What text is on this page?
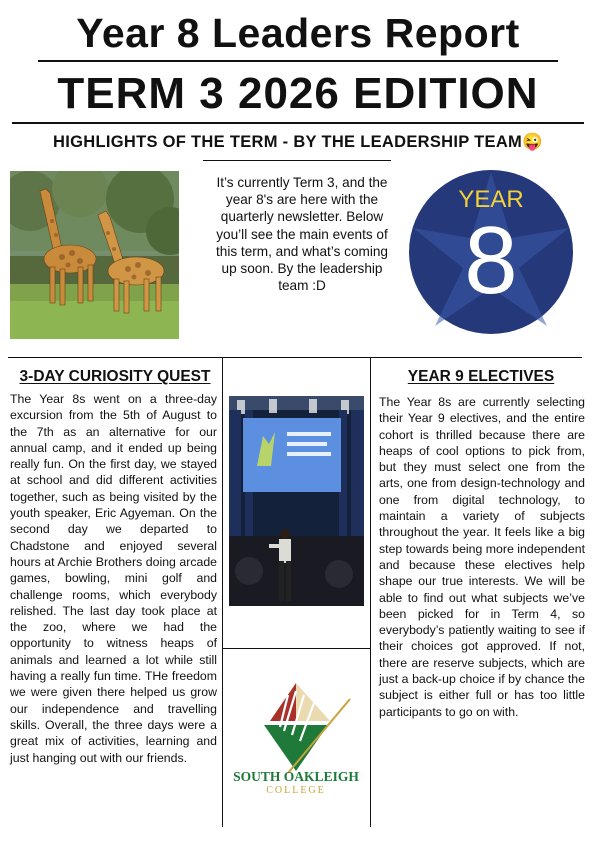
Year 8 Leaders Report
TERM 3 2026 EDITION
HIGHLIGHTS OF THE TERM - BY THE LEADERSHIP TEAM😜
It’s currently Term 3, and the year 8's are here with the quarterly newsletter. Below you’ll see the main events of this term, and what’s coming up soon. By the leadership team :D
YEAR
8
3-DAY CURIOSITY QUEST
The Year 8s went on a three-day excursion from the 5th of August to the 7th as an alternative for our annual camp, and it ended up being really fun. On the first day, we stayed at school and did different activities together, such as being visited by the youth speaker, Eric Agyeman. On the second day we departed to Chadstone and enjoyed several hours at Archie Brothers doing arcade games, bowling, mini golf and challenge rooms, which everybody relished. The last day took place at the zoo, where we had the opportunity to witness heaps of animals and learned a lot while still having a really fun time. THe freedom we were given there helped us grow our independence and travelling skills. Overall, the three days were a great mix of activities, learning and just hanging out with our friends.
SOUTH OAKLEIGH
COLLEGE
YEAR 9 ELECTIVES
The Year 8s are currently selecting their Year 9 electives, and the entire cohort is thrilled because there are heaps of cool options to pick from, but they must select one from the arts, one from design-technology and one from digital technology, to maintain a variety of subjects throughout the year. It feels like a big step towards being more independent and because these electives help shape our true interests. We will be able to find out what subjects we’ve been picked for in Term 4, so everybody’s patiently waiting to see if their choices got approved. If not, there are reserve subjects, which are just a back-up choice if by chance the subject is either full or has too little participants to go on with.
